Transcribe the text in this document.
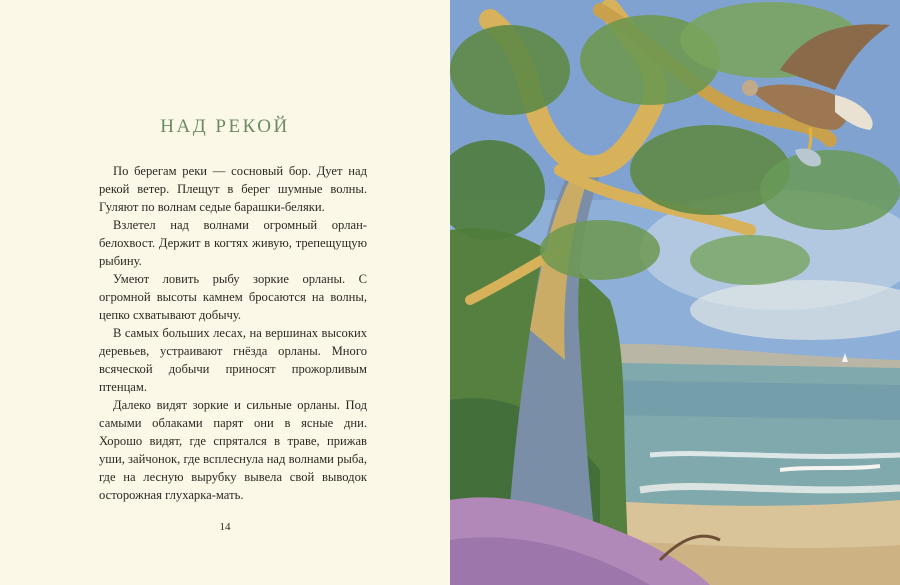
НАД РЕКОЙ

По берегам реки — сосновый бор. Дует над рекой ветер. Плещут в берег шумные волны. Гуляют по волнам седые барашки-беляки.

Взлетел над волнами огромный орлан-белохвост. Держит в когтях живую, трепещущую рыбину.

Умеют ловить рыбу зоркие орланы. С огромной высоты камнем бросаются на волны, цепко схватывают добычу.

В самых больших лесах, на вершинах высоких деревьев, устраивают гнёзда орланы. Много всяческой добычи приносят прожорливым птенцам.

Далеко видят зоркие и сильные орланы. Под самыми облаками парят они в ясные дни. Хорошо видят, где спрятался в траве, прижав уши, зайчонок, где всплеснула над волнами рыба, где на лесную вырубку вывела свой выводок осторожная глухарка-мать.

14
